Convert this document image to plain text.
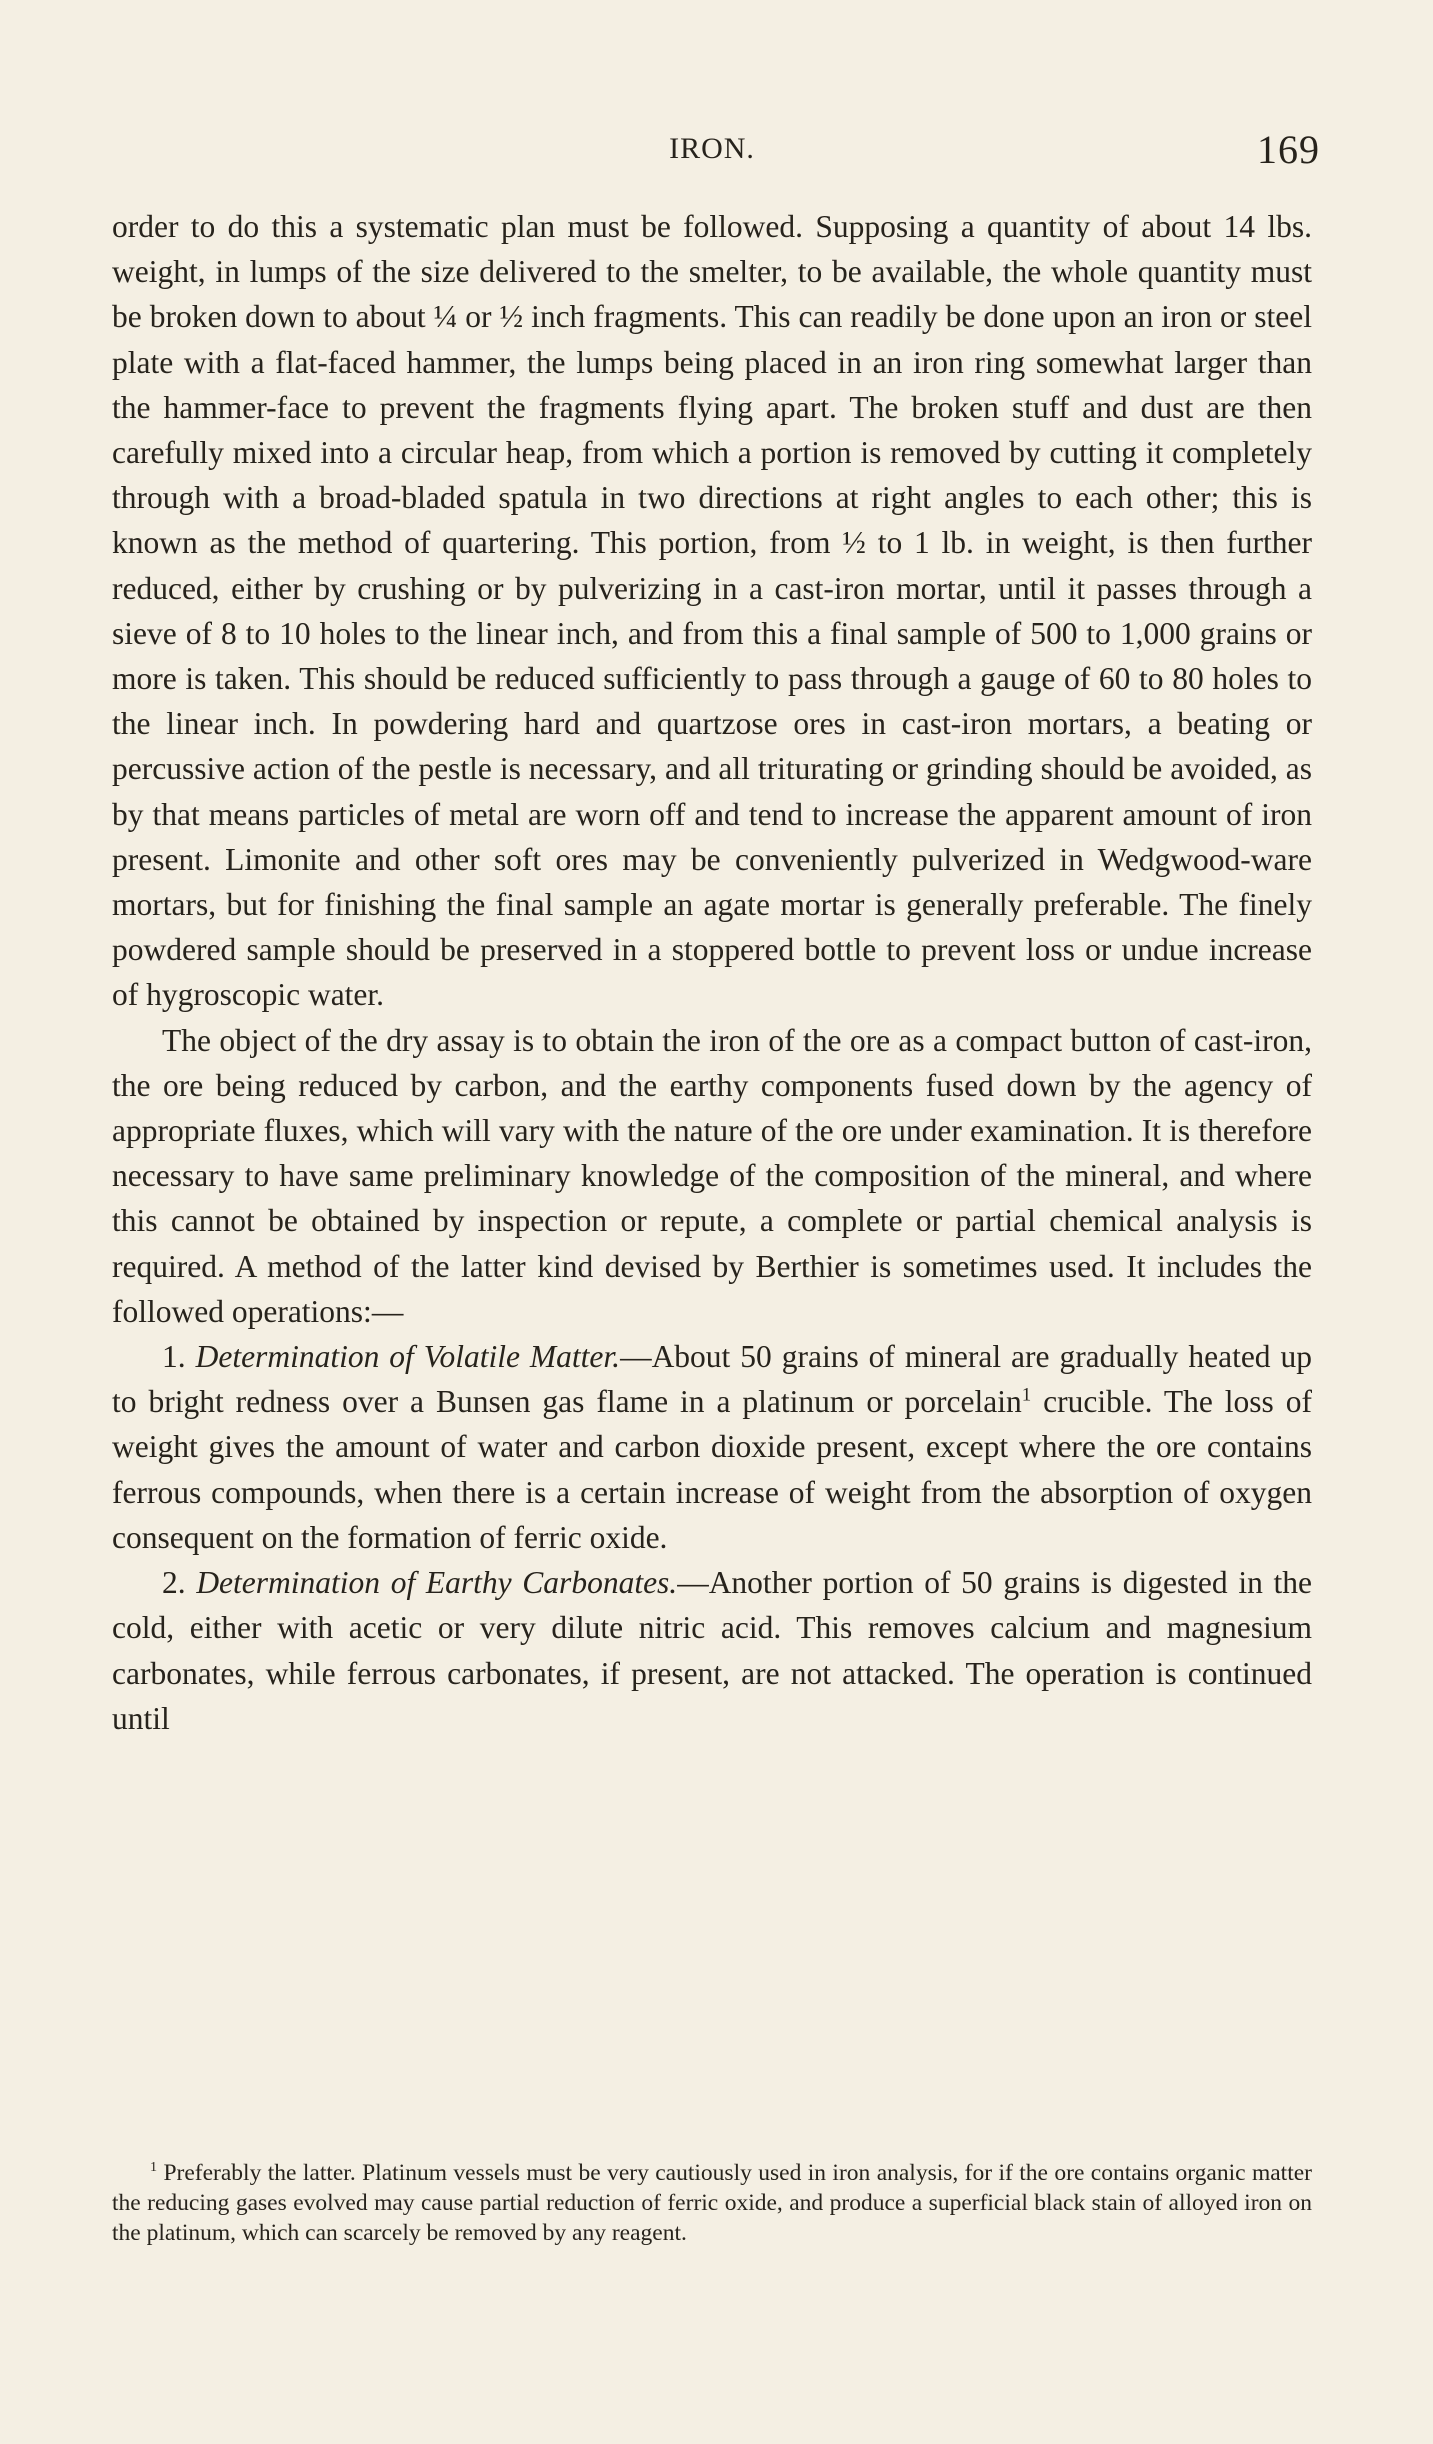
IRON.	169

order to do this a systematic plan must be followed. Supposing a quantity of about 14 lbs. weight, in lumps of the size delivered to the smelter, to be available, the whole quantity must be broken down to about ¼ or ½ inch fragments. This can readily be done upon an iron or steel plate with a flat-faced hammer, the lumps being placed in an iron ring somewhat larger than the hammer-face to prevent the fragments flying apart. The broken stuff and dust are then carefully mixed into a circular heap, from which a portion is removed by cutting it completely through with a broad-bladed spatula in two directions at right angles to each other; this is known as the method of quartering. This portion, from ½ to 1 lb. in weight, is then further reduced, either by crushing or by pulverizing in a cast-iron mortar, until it passes through a sieve of 8 to 10 holes to the linear inch, and from this a final sample of 500 to 1,000 grains or more is taken. This should be reduced sufficiently to pass through a gauge of 60 to 80 holes to the linear inch. In powdering hard and quartzose ores in cast-iron mortars, a beating or percussive action of the pestle is necessary, and all triturating or grinding should be avoided, as by that means particles of metal are worn off and tend to increase the apparent amount of iron present. Limonite and other soft ores may be conveniently pulverized in Wedgwood-ware mortars, but for finishing the final sample an agate mortar is generally preferable. The finely powdered sample should be preserved in a stoppered bottle to prevent loss or undue increase of hygroscopic water.

The object of the dry assay is to obtain the iron of the ore as a compact button of cast-iron, the ore being reduced by carbon, and the earthy components fused down by the agency of appropriate fluxes, which will vary with the nature of the ore under examination. It is therefore necessary to have same preliminary knowledge of the composition of the mineral, and where this cannot be obtained by inspection or repute, a complete or partial chemical analysis is required. A method of the latter kind devised by Berthier is sometimes used. It includes the followed operations:—

1. Determination of Volatile Matter.—About 50 grains of mineral are gradually heated up to bright redness over a Bunsen gas flame in a platinum or porcelain$^1$ crucible. The loss of weight gives the amount of water and carbon dioxide present, except where the ore contains ferrous compounds, when there is a certain increase of weight from the absorption of oxygen consequent on the formation of ferric oxide.

2. Determination of Earthy Carbonates.—Another portion of 50 grains is digested in the cold, either with acetic or very dilute nitric acid. This removes calcium and magnesium carbonates, while ferrous carbonates, if present, are not attacked. The operation is continued until

$^1$ Preferably the latter. Platinum vessels must be very cautiously used in iron analysis, for if the ore contains organic matter the reducing gases evolved may cause partial reduction of ferric oxide, and produce a superficial black stain of alloyed iron on the platinum, which can scarcely be removed by any reagent.
